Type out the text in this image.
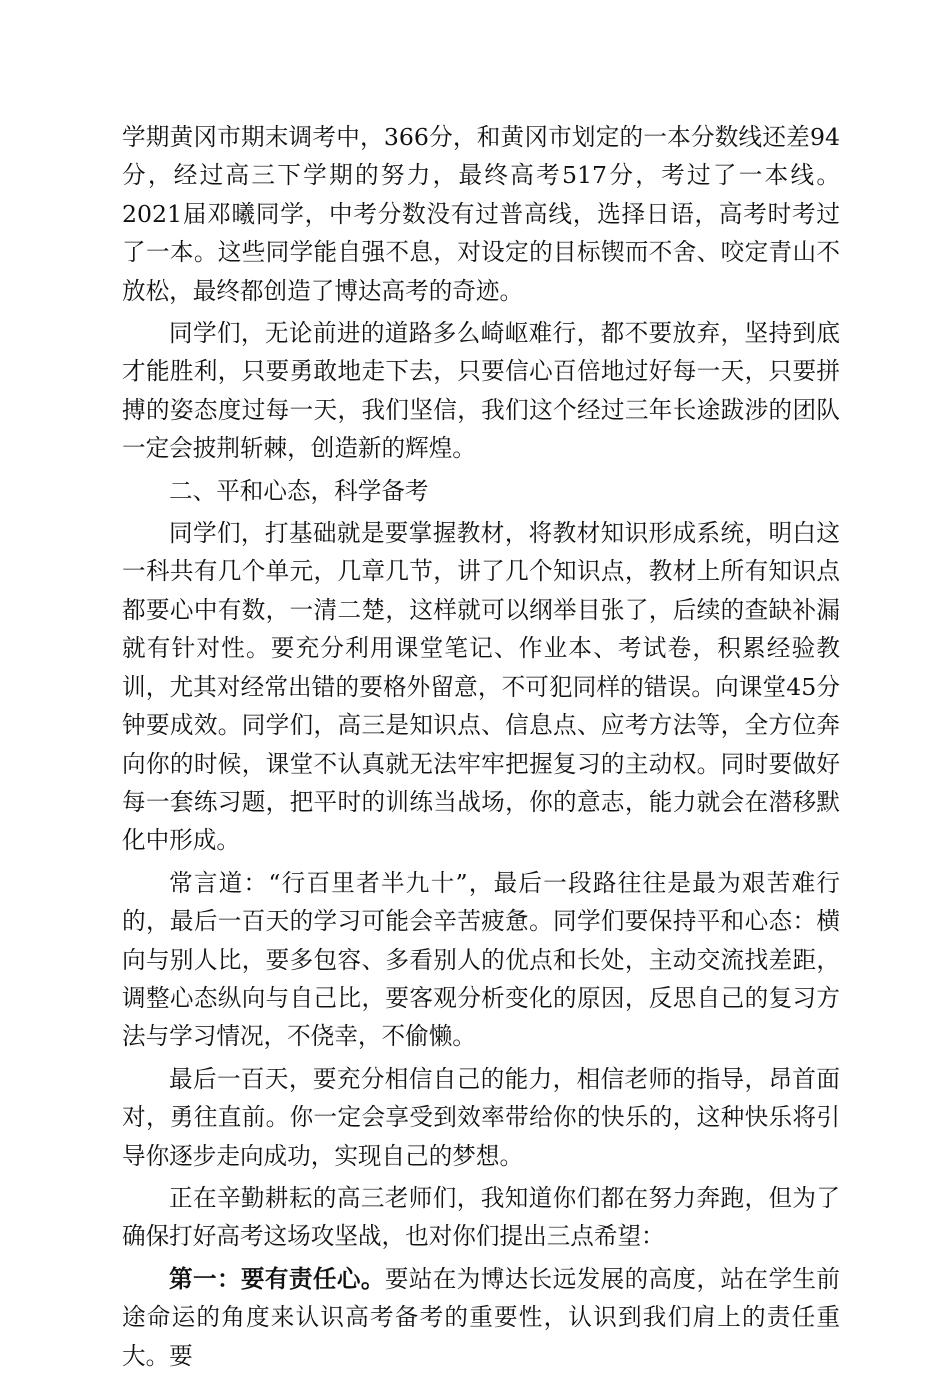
学期黄冈市期末调考中，366分，和黄冈市划定的一本分数线还差94分，经过高三下学期的努力，最终高考517分，考过了一本线。2021届邓曦同学，中考分数没有过普高线，选择日语，高考时考过了一本。这些同学能自强不息，对设定的目标锲而不舍、咬定青山不放松，最终都创造了博达高考的奇迹。

同学们，无论前进的道路多么崎岖难行，都不要放弃，坚持到底才能胜利，只要勇敢地走下去，只要信心百倍地过好每一天，只要拼搏的姿态度过每一天，我们坚信，我们这个经过三年长途跋涉的团队一定会披荆斩棘，创造新的辉煌。

二、平和心态，科学备考

同学们，打基础就是要掌握教材，将教材知识形成系统，明白这一科共有几个单元，几章几节，讲了几个知识点，教材上所有知识点都要心中有数，一清二楚，这样就可以纲举目张了，后续的查缺补漏就有针对性。要充分利用课堂笔记、作业本、考试卷，积累经验教训，尤其对经常出错的要格外留意，不可犯同样的错误。向课堂45分钟要成效。同学们，高三是知识点、信息点、应考方法等，全方位奔向你的时候，课堂不认真就无法牢牢把握复习的主动权。同时要做好每一套练习题，把平时的训练当战场，你的意志，能力就会在潜移默化中形成。

常言道：“行百里者半九十”，最后一段路往往是最为艰苦难行的，最后一百天的学习可能会辛苦疲惫。同学们要保持平和心态：横向与别人比，要多包容、多看别人的优点和长处，主动交流找差距，调整心态纵向与自己比，要客观分析变化的原因，反思自己的复习方法与学习情况，不侥幸，不偷懒。

最后一百天，要充分相信自己的能力，相信老师的指导，昂首面对，勇往直前。你一定会享受到效率带给你的快乐的，这种快乐将引导你逐步走向成功，实现自己的梦想。

正在辛勤耕耘的高三老师们，我知道你们都在努力奔跑，但为了确保打好高考这场攻坚战，也对你们提出三点希望：

第一：要有责任心。要站在为博达长远发展的高度，站在学生前途命运的角度来认识高考备考的重要性，认识到我们肩上的责任重大。要
